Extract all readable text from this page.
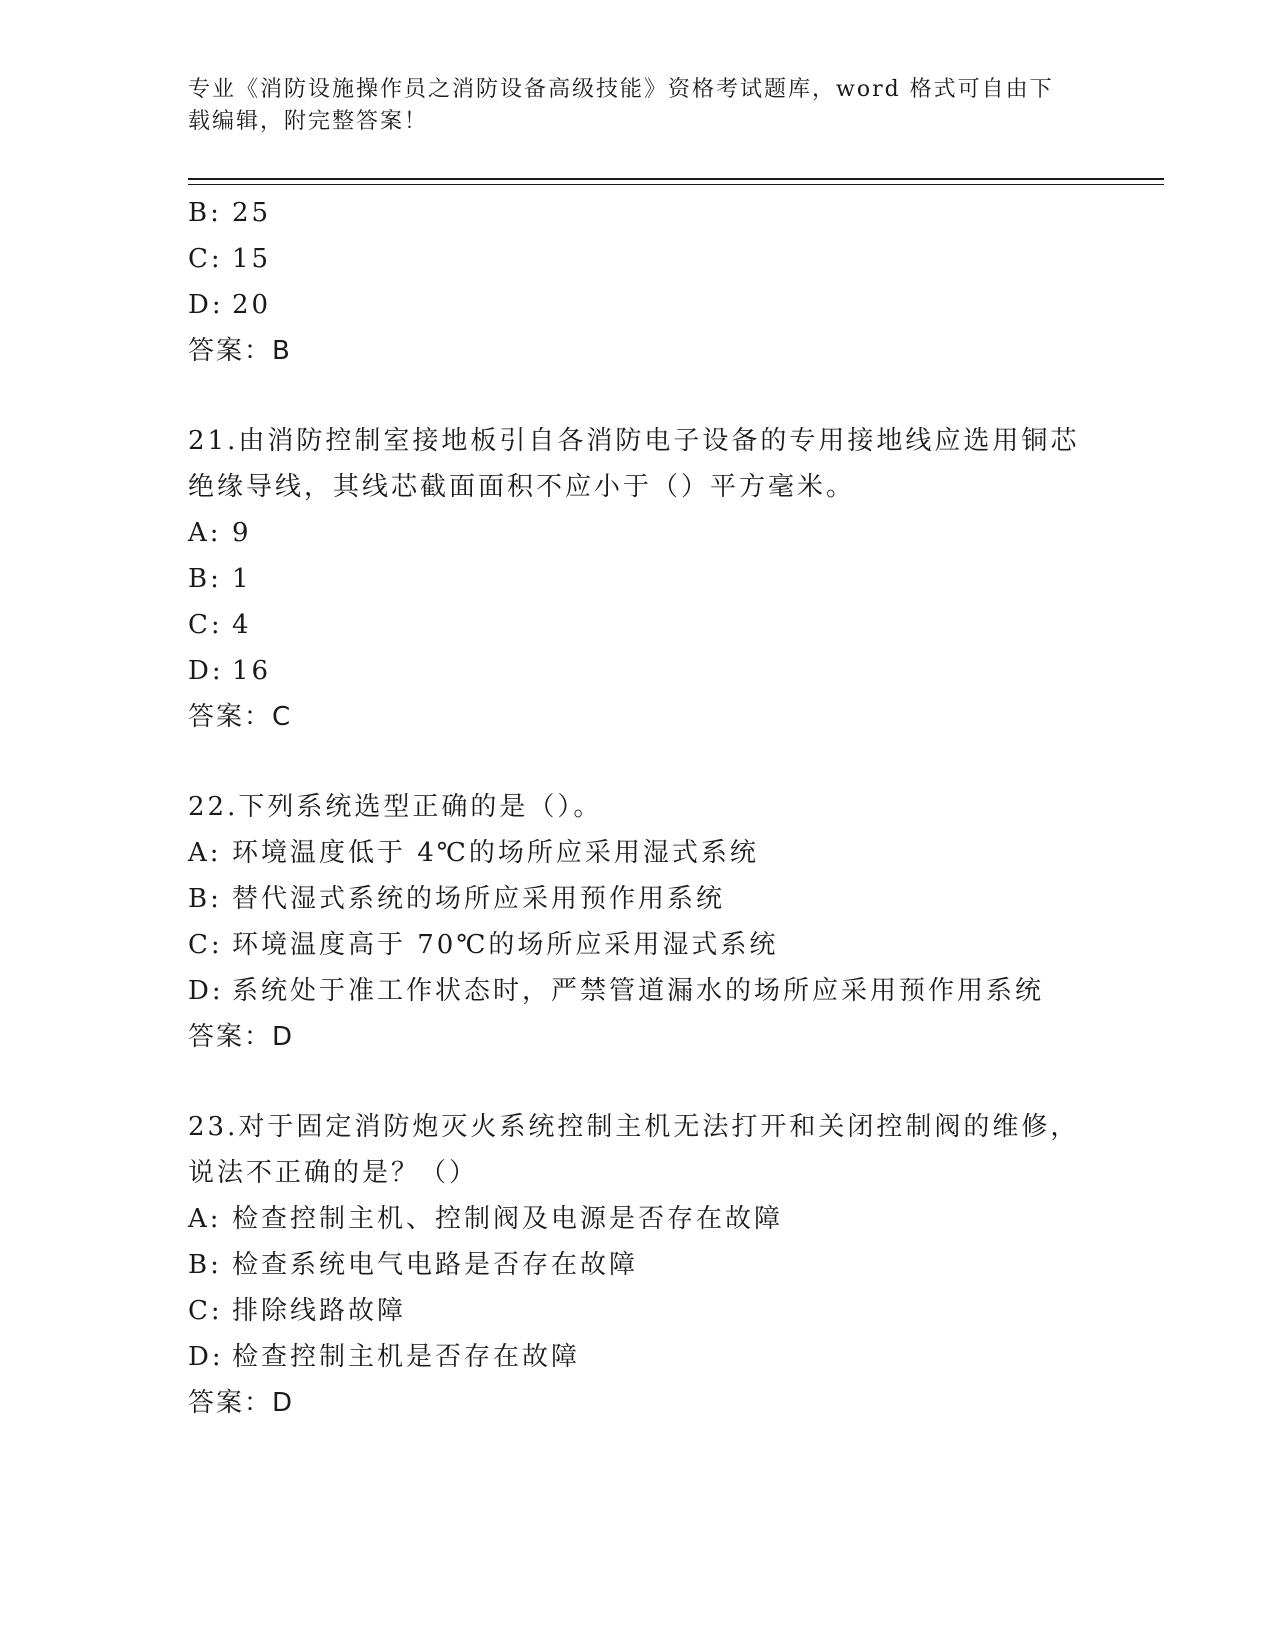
专业《消防设施操作员之消防设备高级技能》资格考试题库，word 格式可自由下
载编辑，附完整答案！
B: 25
C: 15
D: 20
答案：B
21.由消防控制室接地板引自各消防电子设备的专用接地线应选用铜芯
绝缘导线，其线芯截面面积不应小于（）平方毫米。
A: 9
B: 1
C: 4
D: 16
答案：C
22.下列系统选型正确的是（）。
A: 环境温度低于 4℃的场所应采用湿式系统
B: 替代湿式系统的场所应采用预作用系统
C: 环境温度高于 70℃的场所应采用湿式系统
D: 系统处于准工作状态时，严禁管道漏水的场所应采用预作用系统
答案：D
23.对于固定消防炮灭火系统控制主机无法打开和关闭控制阀的维修，
说法不正确的是？（）
A: 检查控制主机、控制阀及电源是否存在故障
B: 检查系统电气电路是否存在故障
C: 排除线路故障
D: 检查控制主机是否存在故障
答案：D
